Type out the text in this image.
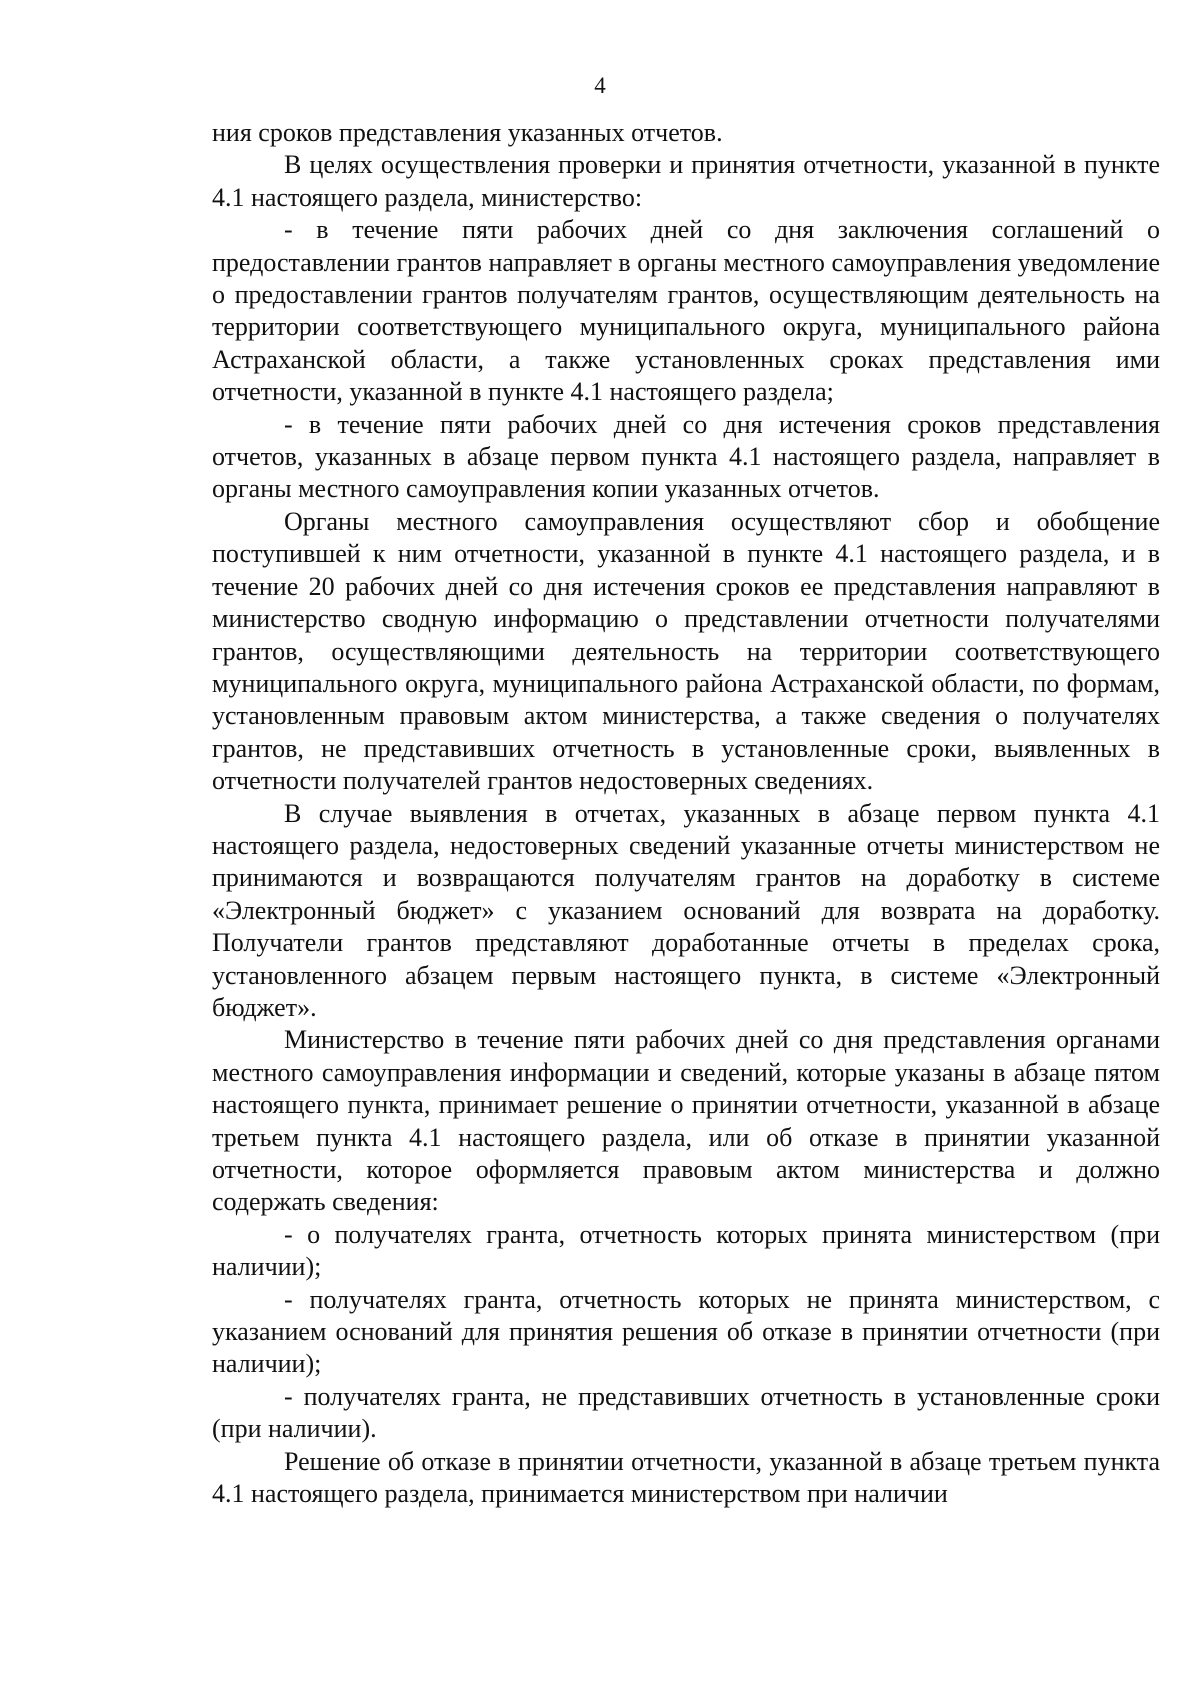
4

ния сроков представления указанных отчетов.

В целях осуществления проверки и принятия отчетности, указанной в пункте 4.1 настоящего раздела, министерство:

- в течение пяти рабочих дней со дня заключения соглашений о предоставлении грантов направляет в органы местного самоуправления уведомление о предоставлении грантов получателям грантов, осуществляющим деятельность на территории соответствующего муниципального округа, муниципального района Астраханской области, а также установленных сроках представления ими отчетности, указанной в пункте 4.1 настоящего раздела;

- в течение пяти рабочих дней со дня истечения сроков представления отчетов, указанных в абзаце первом пункта 4.1 настоящего раздела, направляет в органы местного самоуправления копии указанных отчетов.

Органы местного самоуправления осуществляют сбор и обобщение поступившей к ним отчетности, указанной в пункте 4.1 настоящего раздела, и в течение 20 рабочих дней со дня истечения сроков ее представления направляют в министерство сводную информацию о представлении отчетности получателями грантов, осуществляющими деятельность на территории соответствующего муниципального округа, муниципального района Астраханской области, по формам, установленным правовым актом министерства, а также сведения о получателях грантов, не представивших отчетность в установленные сроки, выявленных в отчетности получателей грантов недостоверных сведениях.

В случае выявления в отчетах, указанных в абзаце первом пункта 4.1 настоящего раздела, недостоверных сведений указанные отчеты министерством не принимаются и возвращаются получателям грантов на доработку в системе «Электронный бюджет» с указанием оснований для возврата на доработку. Получатели грантов представляют доработанные отчеты в пределах срока, установленного абзацем первым настоящего пункта, в системе «Электронный бюджет».

Министерство в течение пяти рабочих дней со дня представления органами местного самоуправления информации и сведений, которые указаны в абзаце пятом настоящего пункта, принимает решение о принятии отчетности, указанной в абзаце третьем пункта 4.1 настоящего раздела, или об отказе в принятии указанной отчетности, которое оформляется правовым актом министерства и должно содержать сведения:

- о получателях гранта, отчетность которых принята министерством (при наличии);

- получателях гранта, отчетность которых не принята министерством, с указанием оснований для принятия решения об отказе в принятии отчетности (при наличии);

- получателях гранта, не представивших отчетность в установленные сроки (при наличии).

Решение об отказе в принятии отчетности, указанной в абзаце третьем пункта 4.1 настоящего раздела, принимается министерством при наличии
